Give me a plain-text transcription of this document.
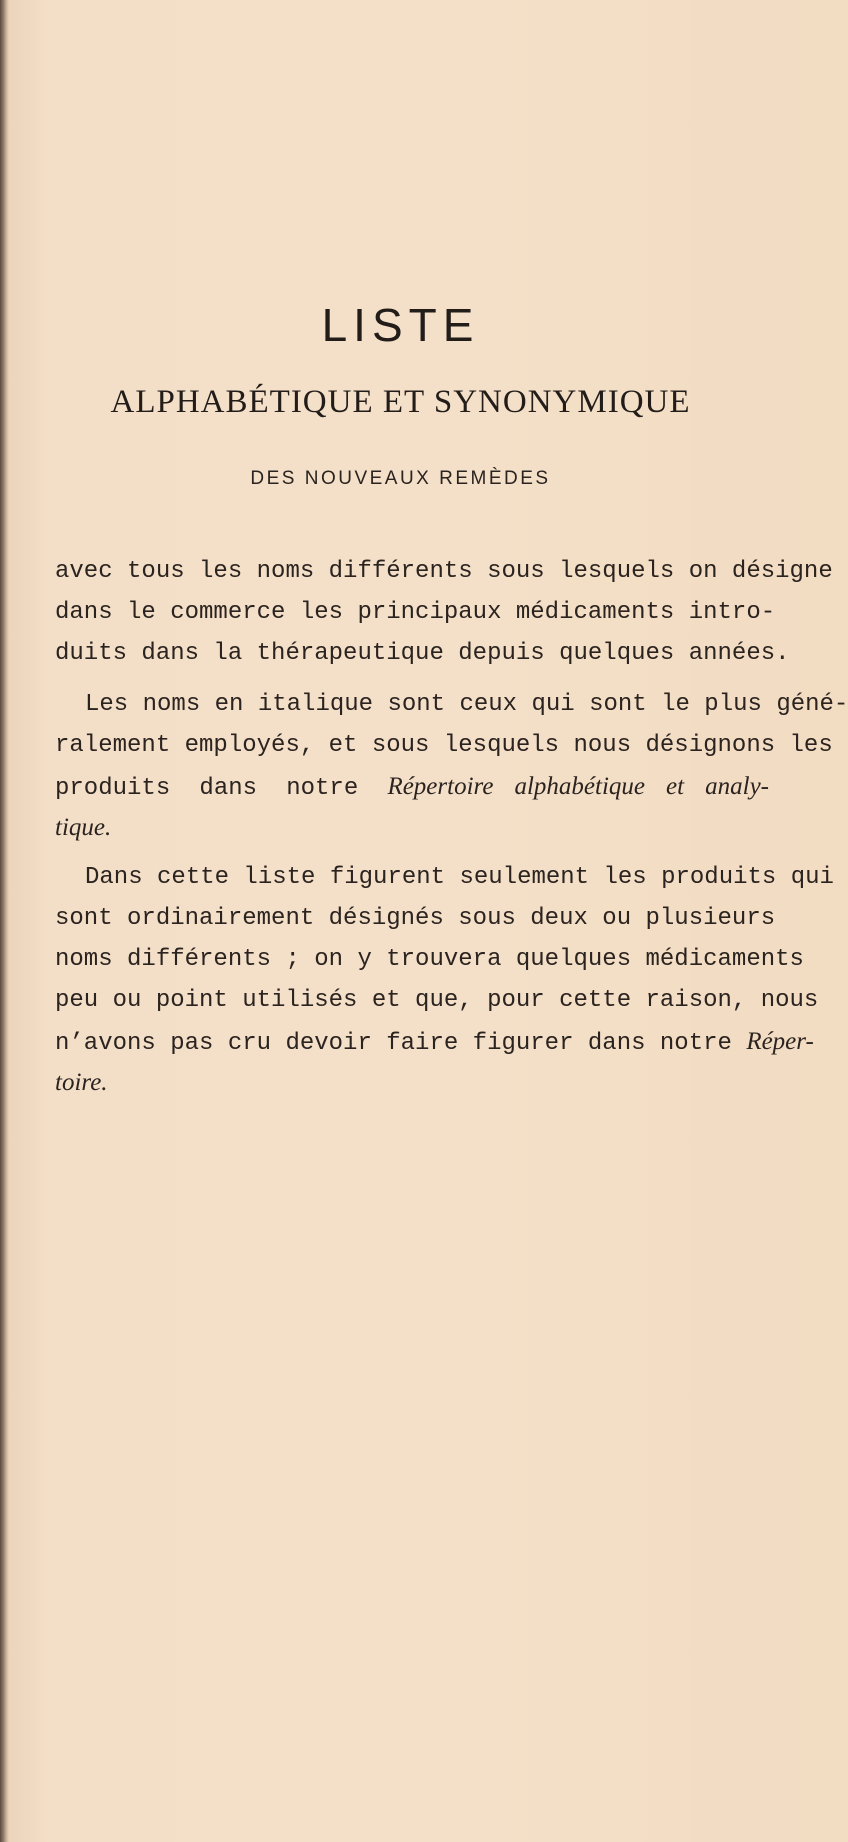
LISTE
ALPHABÉTIQUE ET SYNONYMIQUE
DES NOUVEAUX REMÈDES
avec tous les noms différents sous lesquels on désigne
dans le commerce les principaux médicaments intro-
duits dans la thérapeutique depuis quelques années.
Les noms en italique sont ceux qui sont le plus géné-
ralement employés, et sous lesquels nous désignons les
produits dans notre Répertoire alphabétique et analy-
tique.
Dans cette liste figurent seulement les produits qui
sont ordinairement désignés sous deux ou plusieurs
noms différents ; on y trouvera quelques médicaments
peu ou point utilisés et que, pour cette raison, nous
n’avons pas cru devoir faire figurer dans notre Réper-
toire.
